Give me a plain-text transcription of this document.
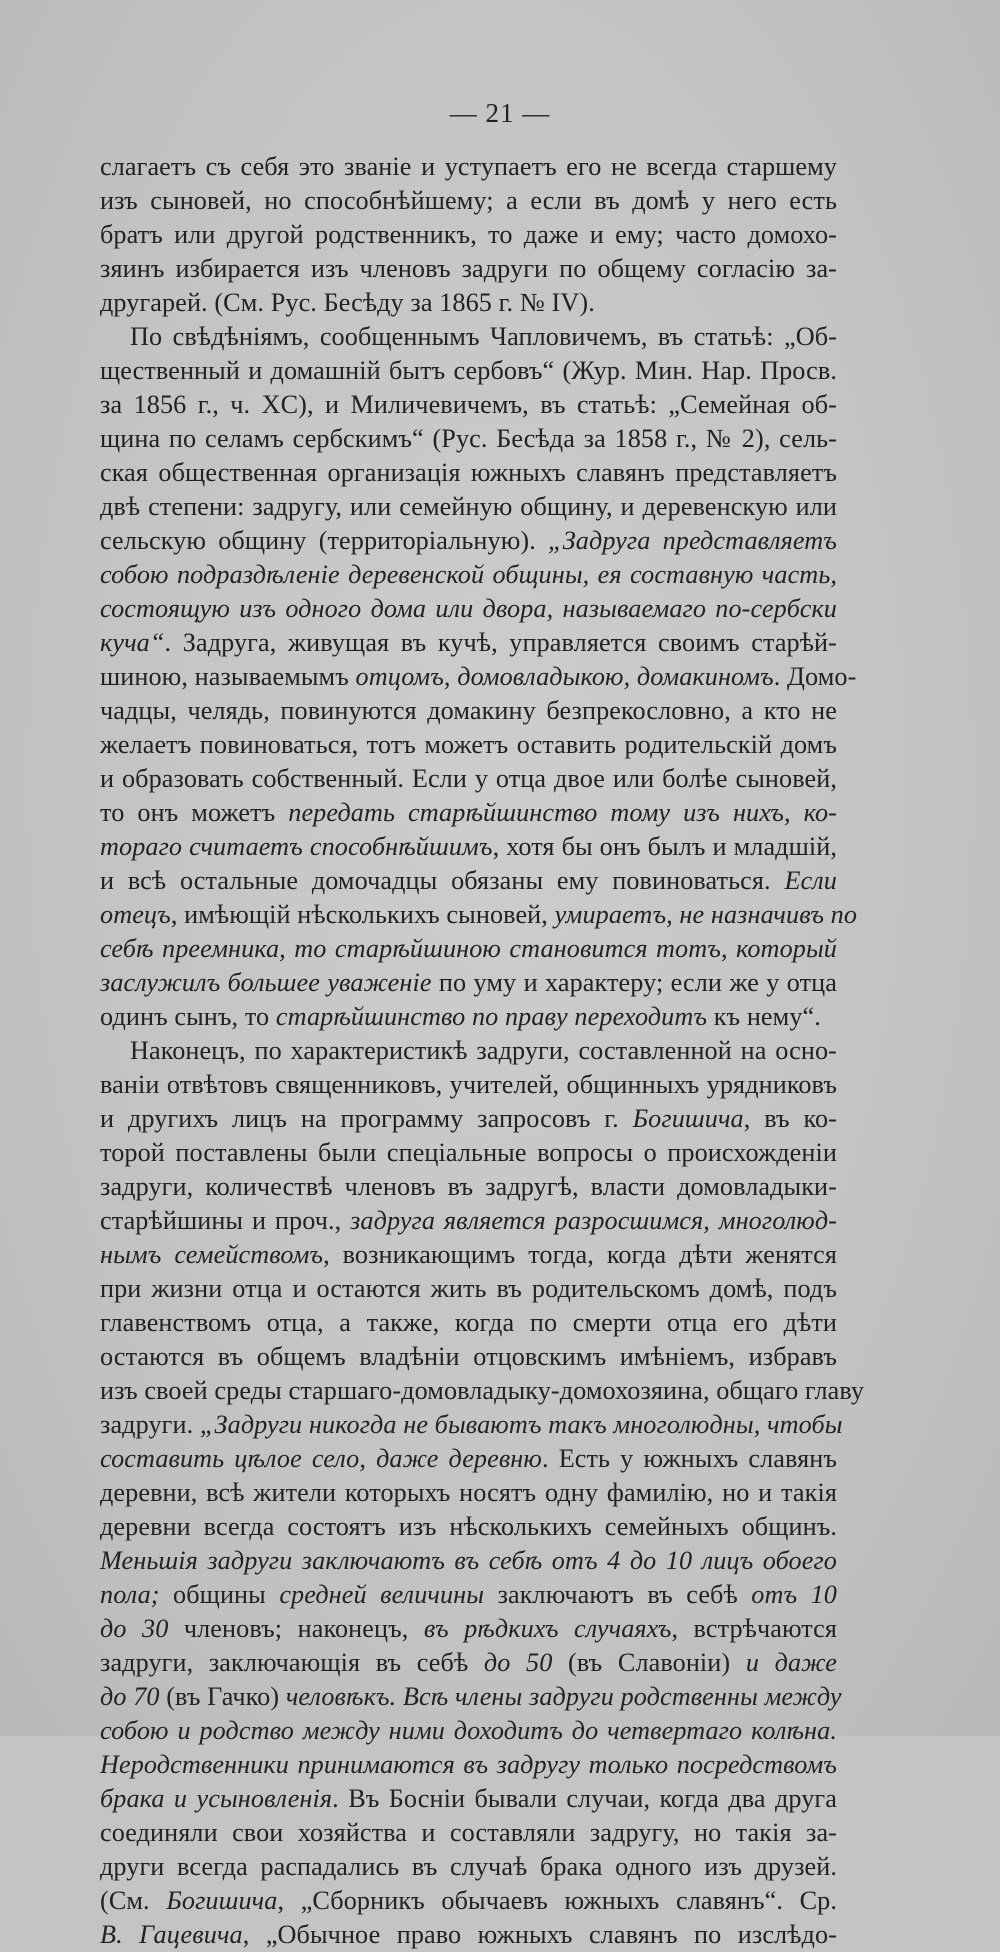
— 21 —
слагаетъ съ себя это званіе и уступаетъ его не всегда старшему
изъ сыновей, но способнѣйшему; а если въ домѣ у него есть
братъ или другой родственникъ, то даже и ему; часто домохо-
зяинъ избирается изъ членовъ задруги по общему согласію за-
другарей. (См. Рус. Бесѣду за 1865 г. № IV).
По свѣдѣніямъ, сообщеннымъ Чапловичемъ, въ статьѣ: „Об-
щественный и домашній бытъ сербовъ“ (Жур. Мин. Нар. Просв.
за 1856 г., ч. XC), и Миличевичемъ, въ статьѣ: „Семейная об-
щина по селамъ сербскимъ“ (Рус. Бесѣда за 1858 г., № 2), сель-
ская общественная организація южныхъ славянъ представляетъ
двѣ степени: задругу, или семейную общину, и деревенскую или
сельскую общину (территоріальную). „Задруга представляетъ
собою подраздѣленіе деревенской общины, ея составную часть,
состоящую изъ одного дома или двора, называемаго по-сербски
куча“. Задруга, живущая въ кучѣ, управляется своимъ старѣй-
шиною, называемымъ отцомъ, домовладыкою, домакиномъ. Домо-
чадцы, челядь, повинуются домакину безпрекословно, а кто не
желаетъ повиноваться, тотъ можетъ оставить родительскій домъ
и образовать собственный. Если у отца двое или болѣе сыновей,
то онъ можетъ передать старѣйшинство тому изъ нихъ, ко-
тораго считаетъ способнѣйшимъ, хотя бы онъ былъ и младшій,
и всѣ остальные домочадцы обязаны ему повиноваться. Если
отецъ, имѣющій нѣсколькихъ сыновей, умираетъ, не назначивъ по
себѣ преемника, то старѣйшиною становится тотъ, который
заслужилъ большее уваженіе по уму и характеру; если же у отца
одинъ сынъ, то старѣйшинство по праву переходитъ къ нему“.
Наконецъ, по характеристикѣ задруги, составленной на осно-
ваніи отвѣтовъ священниковъ, учителей, общинныхъ урядниковъ
и другихъ лицъ на программу запросовъ г. Богишича, въ ко-
торой поставлены были спеціальные вопросы о происхожденіи
задруги, количествѣ членовъ въ задругѣ, власти домовладыки-
старѣйшины и проч., задруга является разросшимся, многолюд-
нымъ семействомъ, возникающимъ тогда, когда дѣти женятся
при жизни отца и остаются жить въ родительскомъ домѣ, подъ
главенствомъ отца, а также, когда по смерти отца его дѣти
остаются въ общемъ владѣніи отцовскимъ имѣніемъ, избравъ
изъ своей среды старшаго-домовладыку-домохозяина, общаго главу
задруги. „Задруги никогда не бываютъ такъ многолюдны, чтобы
составить цѣлое село, даже деревню. Есть у южныхъ славянъ
деревни, всѣ жители которыхъ носятъ одну фамилію, но и такія
деревни всегда состоятъ изъ нѣсколькихъ семейныхъ общинъ.
Меньшія задруги заключаютъ въ себѣ отъ 4 до 10 лицъ обоего
пола; общины средней величины заключаютъ въ себѣ отъ 10
до 30 членовъ; наконецъ, въ рѣдкихъ случаяхъ, встрѣчаются
задруги, заключающія въ себѣ до 50 (въ Славоніи) и даже
до 70 (въ Гачко) человѣкъ. Всѣ члены задруги родственны между
собою и родство между ними доходитъ до четвертаго колѣна.
Неродственники принимаются въ задругу только посредствомъ
брака и усыновленія. Въ Босніи бывали случаи, когда два друга
соединяли свои хозяйства и составляли задругу, но такія за-
други всегда распадались въ случаѣ брака одного изъ друзей.
(См. Богишича, „Сборникъ обычаевъ южныхъ славянъ“. Ср.
В. Гацевича, „Обычное право южныхъ славянъ по изслѣдо-
